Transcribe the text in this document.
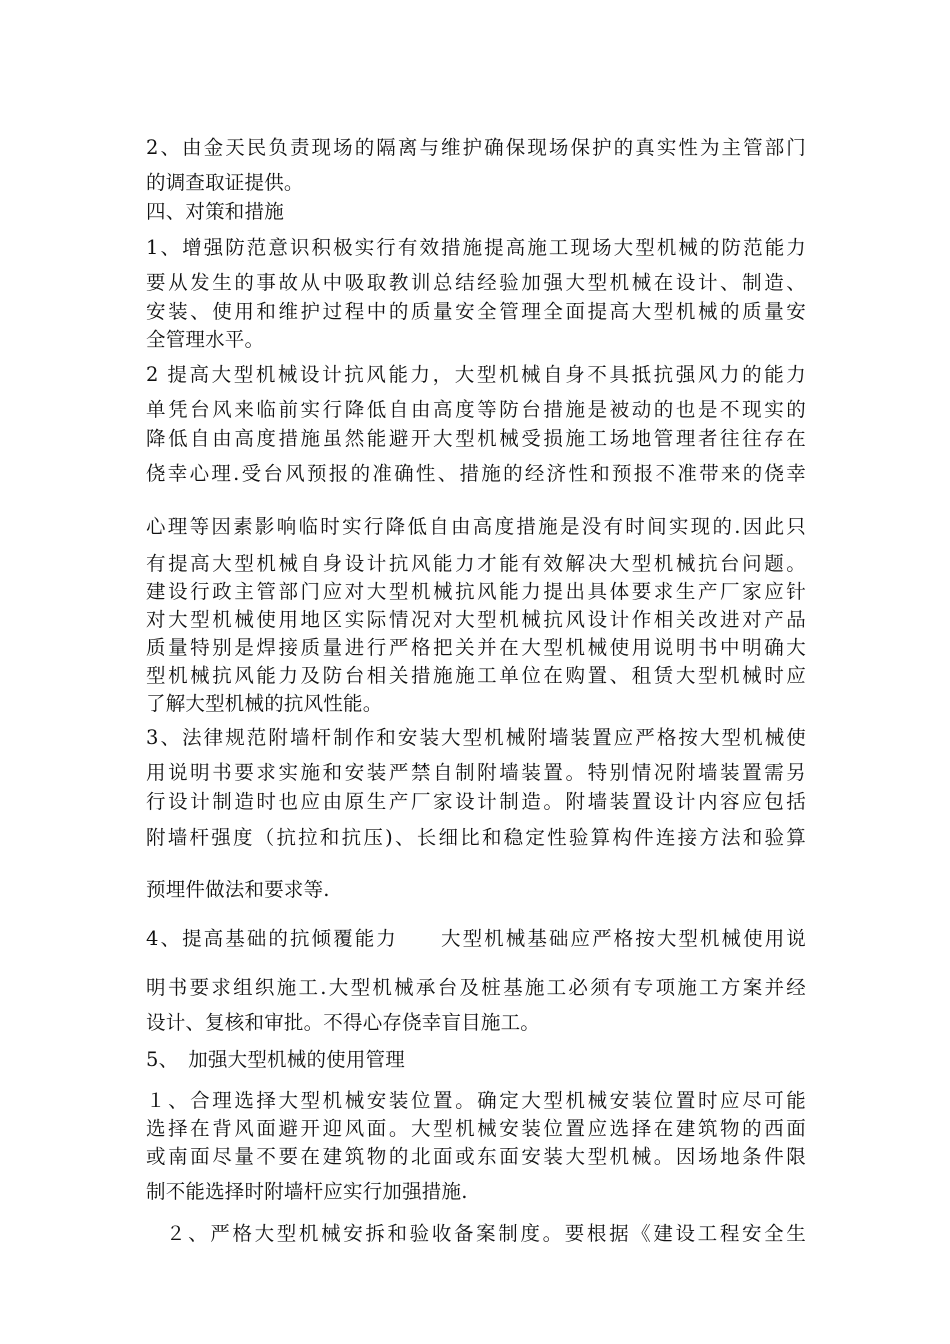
2、由金天民负责现场的隔离与维护确保现场保护的真实性为主管部门
的调查取证提供。
四、对策和措施
1、增强防范意识积极实行有效措施提高施工现场大型机械的防范能力
要从发生的事故从中吸取教训总结经验加强大型机械在设计、制造、
安装、使用和维护过程中的质量安全管理全面提高大型机械的质量安
全管理水平。
2 提高大型机械设计抗风能力，大型机械自身不具抵抗强风力的能力
单凭台风来临前实行降低自由高度等防台措施是被动的也是不现实的
降低自由高度措施虽然能避开大型机械受损施工场地管理者往往存在
侥幸心理.受台风预报的准确性、措施的经济性和预报不准带来的侥幸
心理等因素影响临时实行降低自由高度措施是没有时间实现的.因此只
有提高大型机械自身设计抗风能力才能有效解决大型机械抗台问题。
建设行政主管部门应对大型机械抗风能力提出具体要求生产厂家应针
对大型机械使用地区实际情况对大型机械抗风设计作相关改进对产品
质量特别是焊接质量进行严格把关并在大型机械使用说明书中明确大
型机械抗风能力及防台相关措施施工单位在购置、租赁大型机械时应
了解大型机械的抗风性能。
3、法律规范附墙杆制作和安装大型机械附墙装置应严格按大型机械使
用说明书要求实施和安装严禁自制附墙装置。特别情况附墙装置需另
行设计制造时也应由原生产厂家设计制造。附墙装置设计内容应包括
附墙杆强度（抗拉和抗压)、长细比和稳定性验算构件连接方法和验算
预埋件做法和要求等.
4、提高基础的抗倾覆能力　　大型机械基础应严格按大型机械使用说
明书要求组织施工.大型机械承台及桩基施工必须有专项施工方案并经
设计、复核和审批。不得心存侥幸盲目施工。
5、　加强大型机械的使用管理
１、合理选择大型机械安装位置。确定大型机械安装位置时应尽可能
选择在背风面避开迎风面。大型机械安装位置应选择在建筑物的西面
或南面尽量不要在建筑物的北面或东面安装大型机械。因场地条件限
制不能选择时附墙杆应实行加强措施.
２、严格大型机械安拆和验收备案制度。要根据《建设工程安全生
